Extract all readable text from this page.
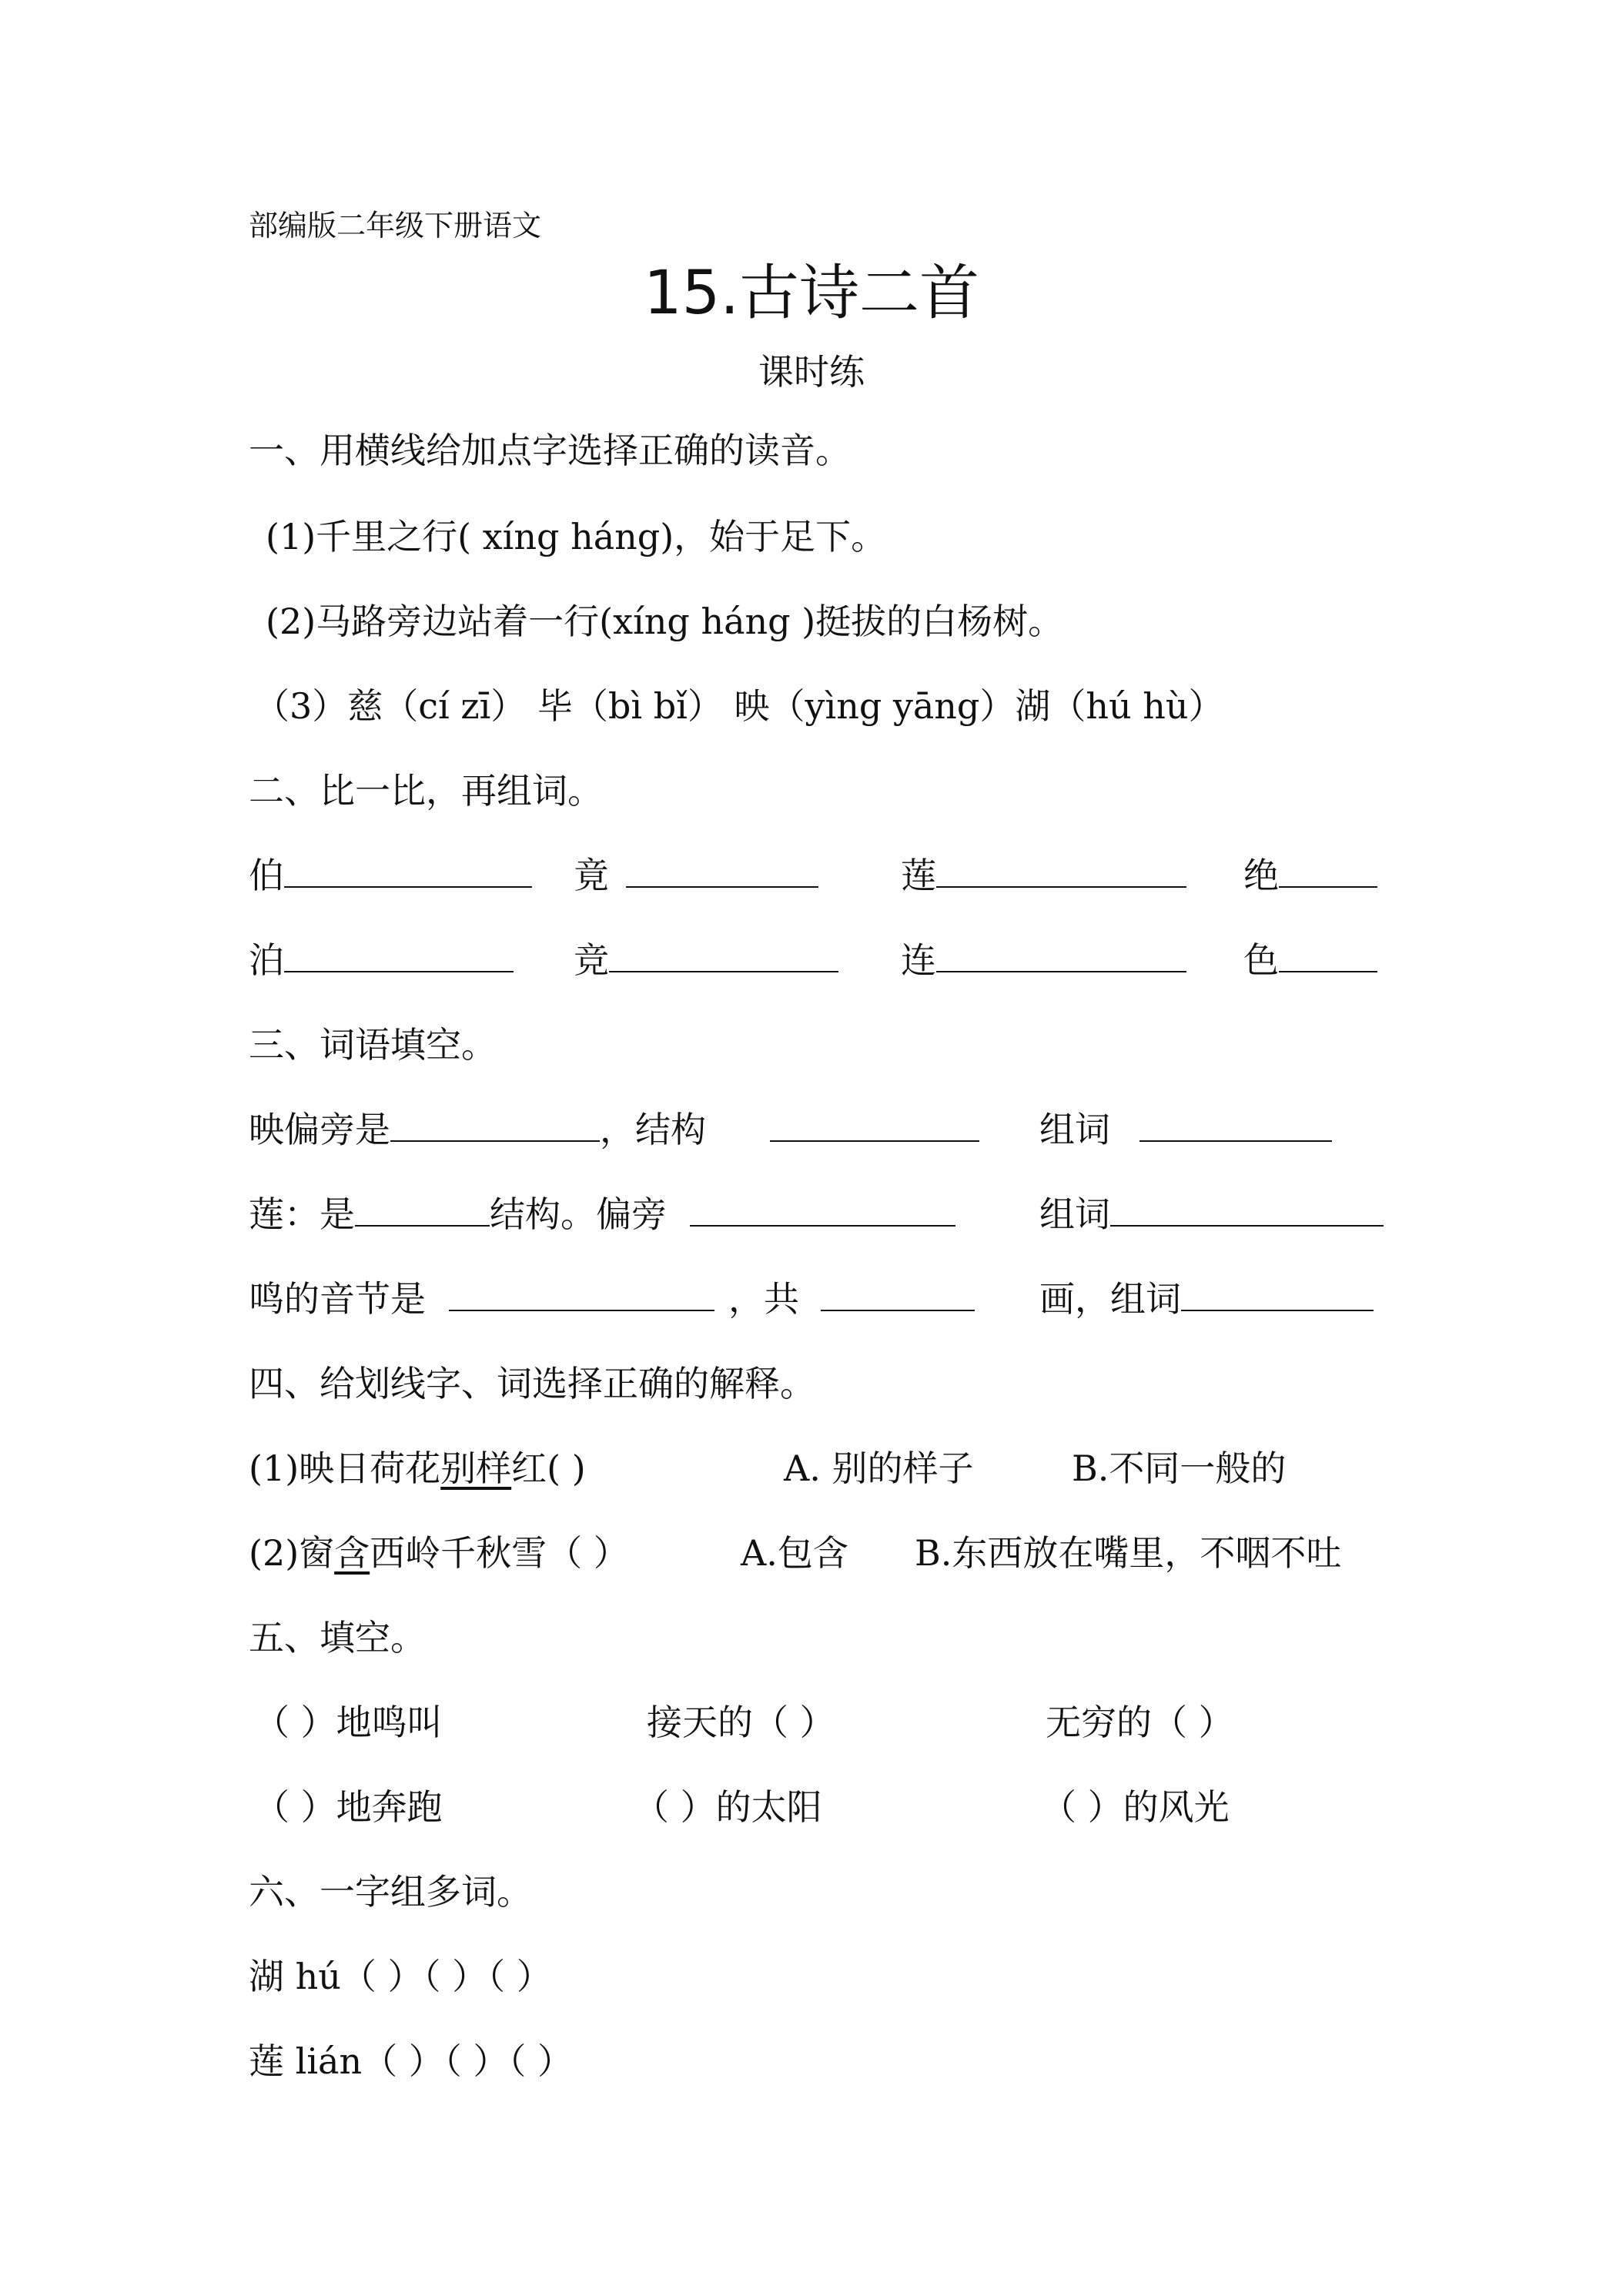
部编版二年级下册语文
15.古诗二首
课时练
一、用横线给加点字选择正确的读音。
(1)千里之行( xíng háng)，始于足下。
(2)马路旁边站着一行(xíng háng )挺拔的白杨树。
（3）慈（cí zī） 毕（bì bǐ） 映（yìng yāng）湖（hú hù）
二、比一比，再组词。
伯	竟	莲	绝
泊	竞	连	色
三、词语填空。
映偏旁是	，结构	组词
莲：是	结构。偏旁	组词
鸣的音节是	，共	画，组词
四、给划线字、词选择正确的解释。
(1)映日荷花别样红( )	A. 别的样子	B.不同一般的
(2)窗含西岭千秋雪（ ）	A.包含 B.东西放在嘴里，不咽不吐
五、填空。
（ ）地鸣叫	接天的（ ）	无穷的（ ）
（ ）地奔跑	（ ）的太阳	（ ）的风光
六、一字组多词。
湖 hú（ ）（ ）（ ）
莲 lián（ ）（ ）（ ）
